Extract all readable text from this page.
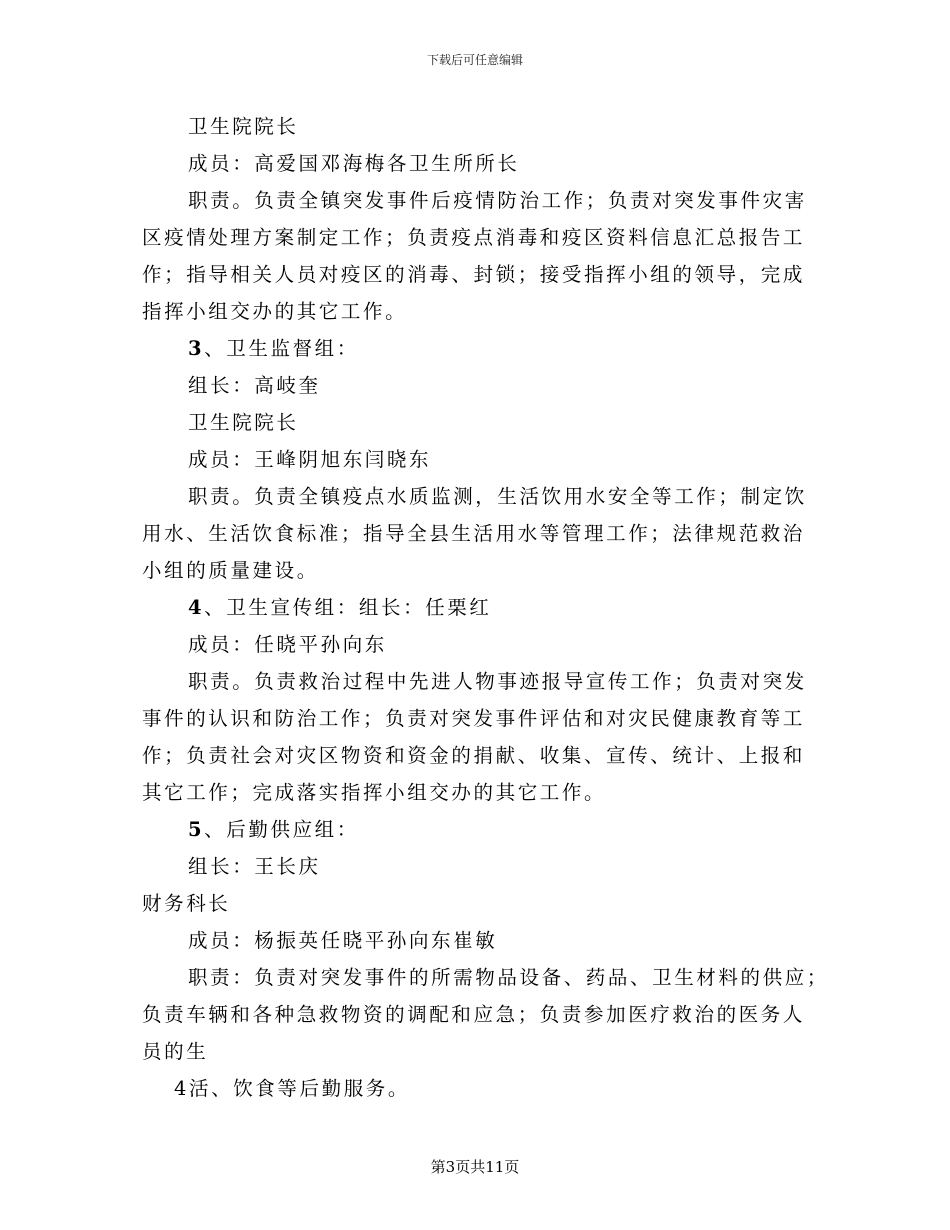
下载后可任意编辑

卫生院院长

成员：高爱国邓海梅各卫生所所长

职责。负责全镇突发事件后疫情防治工作；负责对突发事件灾害

区疫情处理方案制定工作；负责疫点消毒和疫区资料信息汇总报告工

作；指导相关人员对疫区的消毒、封锁；接受指挥小组的领导，完成

指挥小组交办的其它工作。

3、卫生监督组：

组长：高岐奎

卫生院院长

成员：王峰阴旭东闫晓东

职责。负责全镇疫点水质监测，生活饮用水安全等工作；制定饮

用水、生活饮食标准；指导全县生活用水等管理工作；法律规范救治

小组的质量建设。

4、卫生宣传组：组长：任栗红

成员：任晓平孙向东

职责。负责救治过程中先进人物事迹报导宣传工作；负责对突发

事件的认识和防治工作；负责对突发事件评估和对灾民健康教育等工

作；负责社会对灾区物资和资金的捐献、收集、宣传、统计、上报和

其它工作；完成落实指挥小组交办的其它工作。

5、后勤供应组：

组长：王长庆

财务科长

成员：杨振英任晓平孙向东崔敏

职责：负责对突发事件的所需物品设备、药品、卫生材料的供应；

负责车辆和各种急救物资的调配和应急；负责参加医疗救治的医务人

员的生

4活、饮食等后勤服务。

第3页共11页
